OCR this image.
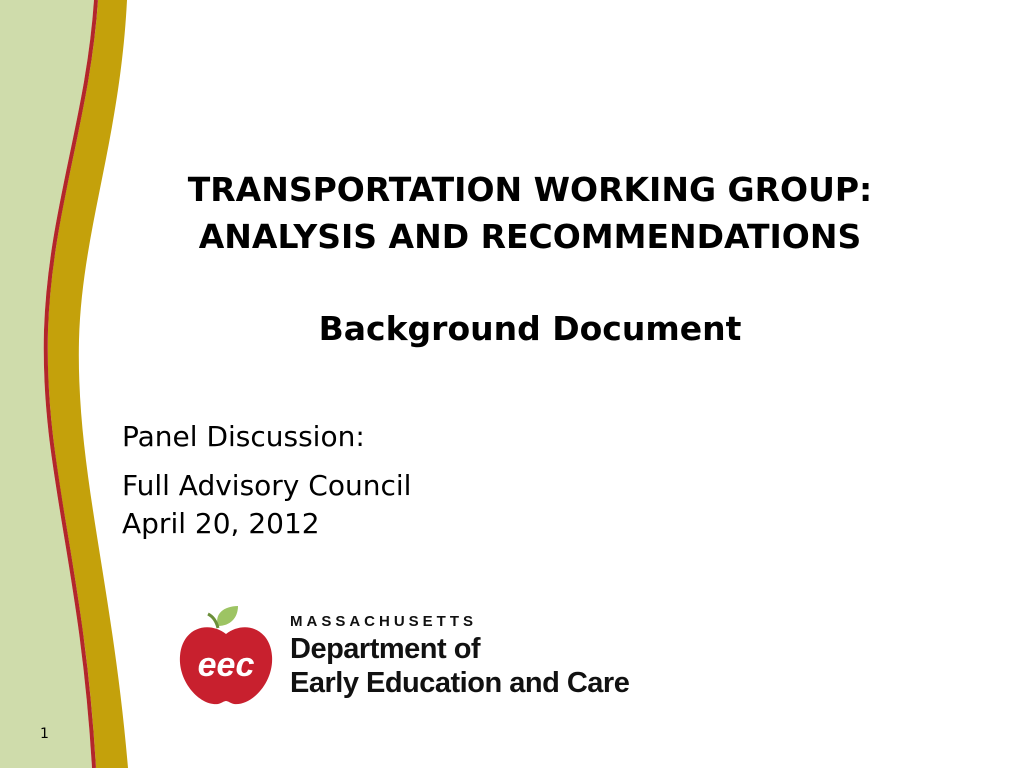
TRANSPORTATION WORKING GROUP:
ANALYSIS AND RECOMMENDATIONS
Background Document
Panel Discussion:
Full Advisory Council
April 20, 2012
eec
MASSACHUSETTS
Department of
Early Education and Care
1
